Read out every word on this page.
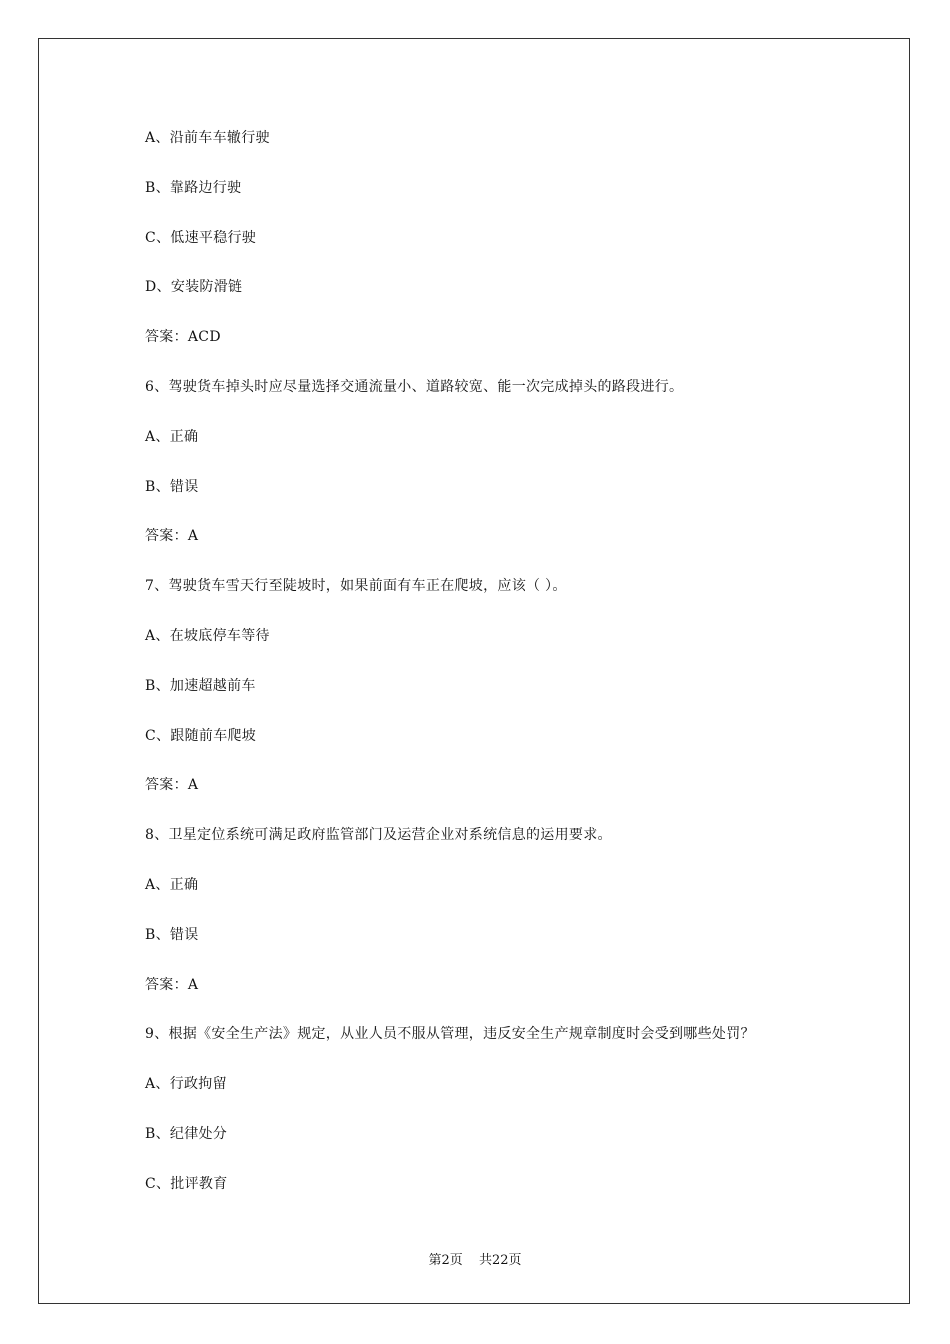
A、沿前车车辙行驶
B、靠路边行驶
C、低速平稳行驶
D、安装防滑链
答案：ACD
6、驾驶货车掉头时应尽量选择交通流量小、道路较宽、能一次完成掉头的路段进行。
A、正确
B、错误
答案：A
7、驾驶货车雪天行至陡坡时，如果前面有车正在爬坡，应该（ ）。
A、在坡底停车等待
B、加速超越前车
C、跟随前车爬坡
答案：A
8、卫星定位系统可满足政府监管部门及运营企业对系统信息的运用要求。
A、正确
B、错误
答案：A
9、根据《安全生产法》规定，从业人员不服从管理，违反安全生产规章制度时会受到哪些处罚？
A、行政拘留
B、纪律处分
C、批评教育
第2页 共22页
